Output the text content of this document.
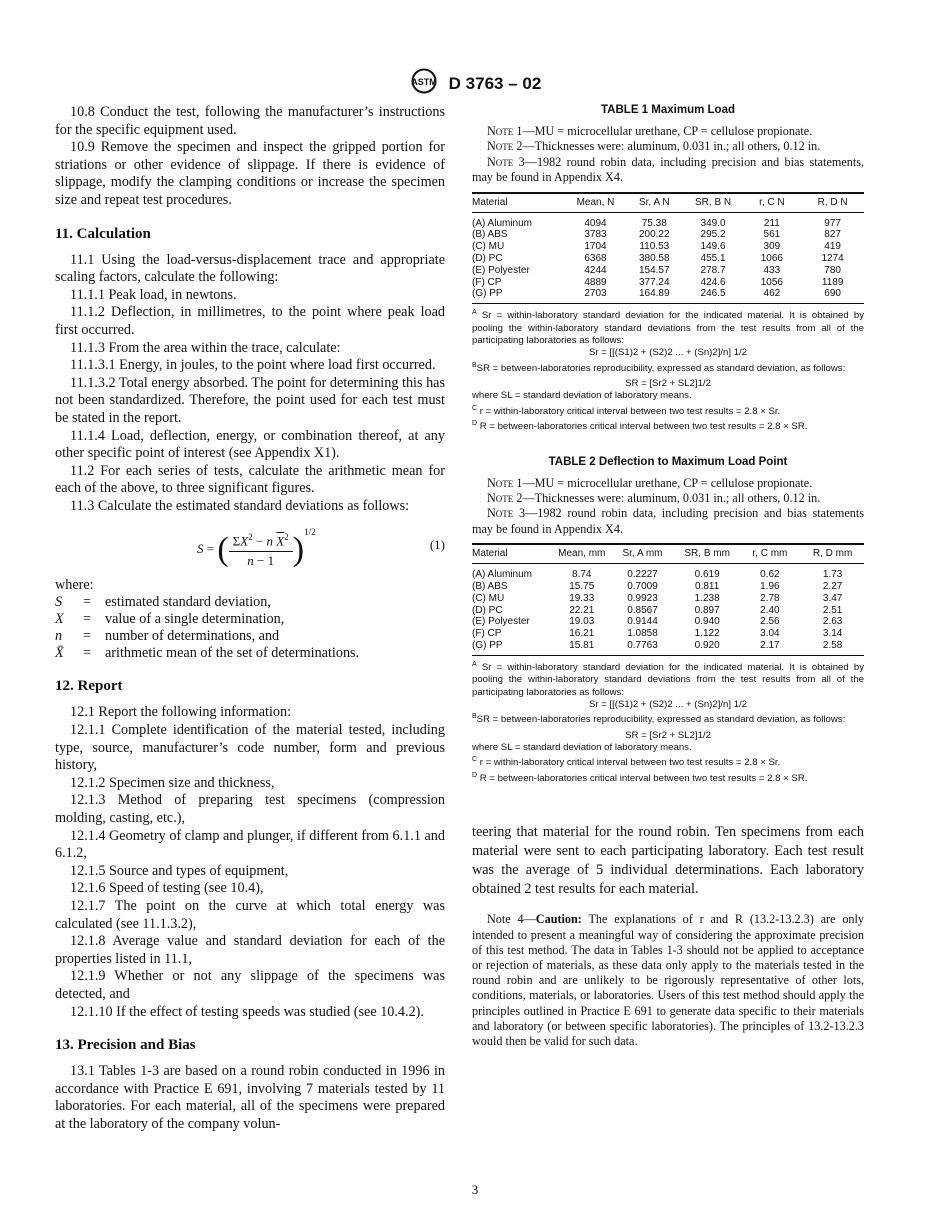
ASTM D 3763 – 02

10.8 Conduct the test, following the manufacturer’s instructions for the specific equipment used.

10.9 Remove the specimen and inspect the gripped portion for striations or other evidence of slippage. If there is evidence of slippage, modify the clamping conditions or increase the specimen size and repeat test procedures.

11. Calculation

11.1 Using the load-versus-displacement trace and appropriate scaling factors, calculate the following:

11.1.1 Peak load, in newtons.

11.1.2 Deflection, in millimetres, to the point where peak load first occurred.

11.1.3 From the area within the trace, calculate:

11.1.3.1 Energy, in joules, to the point where load first occurred.

11.1.3.2 Total energy absorbed. The point for determining this has not been standardized. Therefore, the point used for each test must be stated in the report.

11.1.4 Load, deflection, energy, or combination thereof, at any other specific point of interest (see Appendix X1).

11.2 For each series of tests, calculate the arithmetic mean for each of the above, to three significant figures.

11.3 Calculate the estimated standard deviations as follows:

S = ( $\frac{\Sigma X^2 - n \overline{X}^2}{n - 1} )^{1/2}$
(1)

where:

S	= estimated standard deviation,
X	= value of a single determination,
n	= number of determinations, and
X̄	= arithmetic mean of the set of determinations.
12. Report

12.1 Report the following information:

12.1.1 Complete identification of the material tested, including type, source, manufacturer’s code number, form and previous history,

12.1.2 Specimen size and thickness,

12.1.3 Method of preparing test specimens (compression molding, casting, etc.),

12.1.4 Geometry of clamp and plunger, if different from 6.1.1 and 6.1.2,

12.1.5 Source and types of equipment,

12.1.6 Speed of testing (see 10.4),

12.1.7 The point on the curve at which total energy was calculated (see 11.1.3.2),

12.1.8 Average value and standard deviation for each of the properties listed in 11.1,

12.1.9 Whether or not any slippage of the specimens was detected, and

12.1.10 If the effect of testing speeds was studied (see 10.4.2).

13. Precision and Bias

13.1 Tables 1-3 are based on a round robin conducted in 1996 in accordance with Practice E 691, involving 7 materials tested by 11 laboratories. For each material, all of the specimens were prepared at the laboratory of the company volun-

TABLE 1 Maximum Load

Note 1—MU = microcellular urethane, CP = cellulose propionate.

Note 2—Thicknesses were: aluminum, 0.031 in.; all others, 0.12 in.

Note 3—1982 round robin data, including precision and bias statements, may be found in Appendix X4.

Material	Mean, N	Sr, A N	SR, B N	r, C N	R, D N
(A) Aluminum	4094	75.38	349.0	211	977
(B) ABS	3783	200.22	295.2	561	827
(C) MU	1704	110.53	149.6	309	419
(D) PC	6368	380.58	455.1	1066	1274
(E) Polyester	4244	154.57	278.7	433	780
(F) CP	4889	377.24	424.6	1056	1189
(G) PP	2703	164.89	246.5	462	690

$^A$ Sr = within-laboratory standard deviation for the indicated material. It is obtained by pooling the within-laboratory standard deviations from the test results from all of the participating laboratories as follows:

Sr = [[(S1)2 + (S2)2 ... + (Sn)2]/n] 1/2

$^B$SR = between-laboratories reproducibility, expressed as standard deviation, as follows:

SR = [Sr2 + SL2]1/2

where SL = standard deviation of laboratory means.

$^C$ r = within-laboratory critical interval between two test results = 2.8 × Sr.

$^D$ R = between-laboratories critical interval between two test results = 2.8 × SR.

TABLE 2 Deflection to Maximum Load Point

Note 1—MU = microcellular urethane, CP = cellulose propionate.

Note 2—Thicknesses were: aluminum, 0.031 in.; all others, 0.12 in.

Note 3—1982 round robin data, including precision and bias statements may be found in Appendix X4.

Material	Mean, mm	Sr, A mm	SR, B mm	r, C mm	R, D mm
(A) Aluminum	8.74	0.2227	0.619	0.62	1.73
(B) ABS	15.75	0.7009	0.811	1.96	2.27
(C) MU	19.33	0.9923	1.238	2.78	3.47
(D) PC	22.21	0.8567	0.897	2.40	2.51
(E) Polyester	19.03	0.9144	0.940	2.56	2.63
(F) CP	16.21	1.0858	1.122	3.04	3.14
(G) PP	15.81	0.7763	0.920	2.17	2.58

$^A$ Sr = within-laboratory standard deviation for the indicated material. It is obtained by pooling the within-laboratory standard deviations from the test results from all of the participating laboratories as follows:

Sr = [[(S1)2 + (S2)2 ... + (Sn)2]/n] 1/2

$^B$SR = between-laboratories reproducibility, expressed as standard deviation, as follows:

SR = [Sr2 + SL2]1/2

where SL = standard deviation of laboratory means.

$^C$ r = within-laboratory critical interval between two test results = 2.8 × Sr.

$^D$ R = between-laboratories critical interval between two test results = 2.8 × SR.

teering that material for the round robin. Ten specimens from each material were sent to each participating laboratory. Each test result was the average of 5 individual determinations. Each laboratory obtained 2 test results for each material.

Note 4—Caution: The explanations of r and R (13.2-13.2.3) are only intended to present a meaningful way of considering the approximate precision of this test method. The data in Tables 1-3 should not be applied to acceptance or rejection of materials, as these data only apply to the materials tested in the round robin and are unlikely to be rigorously representative of other lots, conditions, materials, or laboratories. Users of this test method should apply the principles outlined in Practice E 691 to generate data specific to their materials and laboratory (or between specific laboratories). The principles of 13.2-13.2.3 would then be valid for such data.

3
